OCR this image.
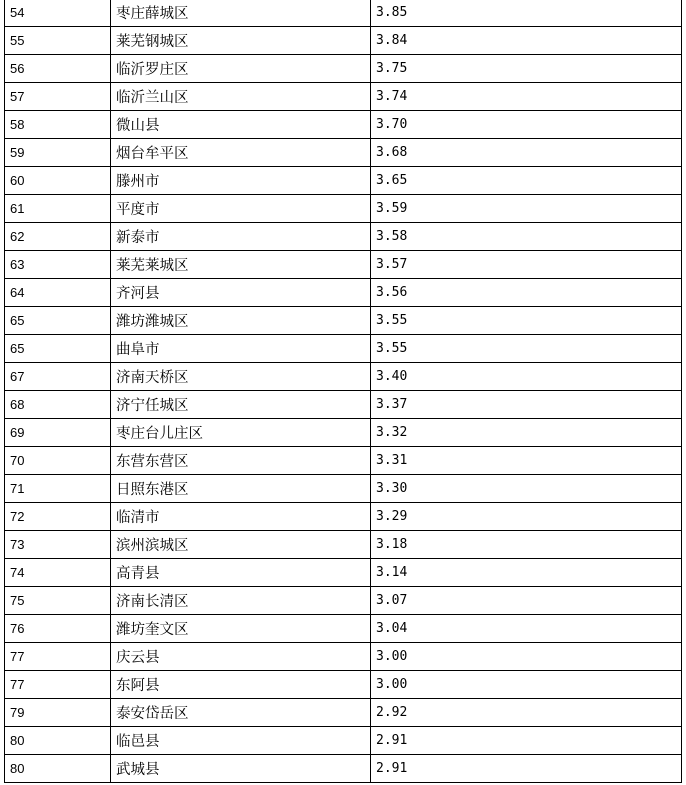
54	枣庄薛城区	3.85
55	莱芜钢城区	3.84
56	临沂罗庄区	3.75
57	临沂兰山区	3.74
58	微山县	3.70
59	烟台牟平区	3.68
60	滕州市	3.65
61	平度市	3.59
62	新泰市	3.58
63	莱芜莱城区	3.57
64	齐河县	3.56
65	潍坊潍城区	3.55
65	曲阜市	3.55
67	济南天桥区	3.40
68	济宁任城区	3.37
69	枣庄台儿庄区	3.32
70	东营东营区	3.31
71	日照东港区	3.30
72	临清市	3.29
73	滨州滨城区	3.18
74	高青县	3.14
75	济南长清区	3.07
76	潍坊奎文区	3.04
77	庆云县	3.00
77	东阿县	3.00
79	泰安岱岳区	2.92
80	临邑县	2.91
80	武城县	2.91
